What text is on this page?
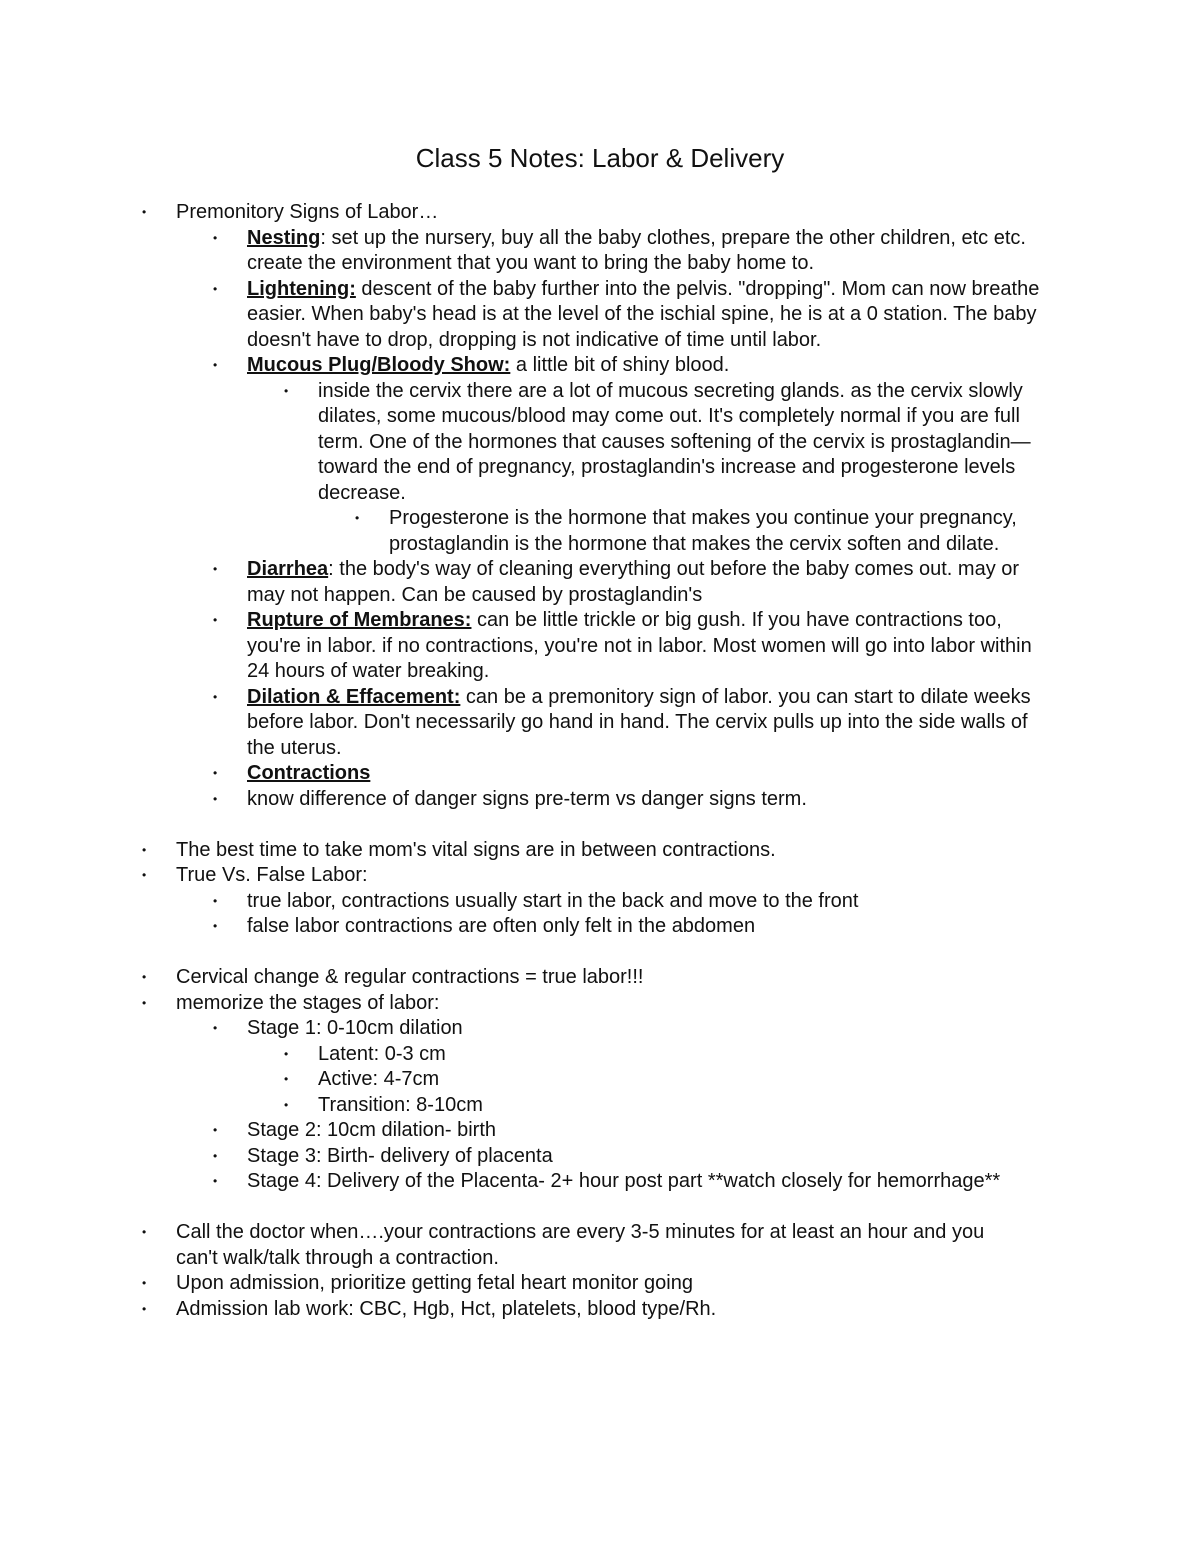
Class 5 Notes: Labor & Delivery
• Premonitory Signs of Labor…
• Nesting: set up the nursery, buy all the baby clothes, prepare the other children, etc etc. create the environment that you want to bring the baby home to.
• Lightening: descent of the baby further into the pelvis. "dropping". Mom can now breathe easier. When baby's head is at the level of the ischial spine, he is at a 0 station. The baby doesn't have to drop, dropping is not indicative of time until labor.
• Mucous Plug/Bloody Show: a little bit of shiny blood.
• inside the cervix there are a lot of mucous secreting glands. as the cervix slowly dilates, some mucous/blood may come out. It's completely normal if you are full term. One of the hormones that causes softening of the cervix is prostaglandin— toward the end of pregnancy, prostaglandin's increase and progesterone levels decrease.
• Progesterone is the hormone that makes you continue your pregnancy, prostaglandin is the hormone that makes the cervix soften and dilate.
• Diarrhea: the body's way of cleaning everything out before the baby comes out. may or may not happen. Can be caused by prostaglandin's
• Rupture of Membranes: can be little trickle or big gush. If you have contractions too, you're in labor. if no contractions, you're not in labor. Most women will go into labor within 24 hours of water breaking.
• Dilation & Effacement: can be a premonitory sign of labor. you can start to dilate weeks before labor. Don't necessarily go hand in hand. The cervix pulls up into the side walls of the uterus.
• Contractions
• know difference of danger signs pre-term vs danger signs term.
• The best time to take mom's vital signs are in between contractions.
• True Vs. False Labor:
• true labor, contractions usually start in the back and move to the front
• false labor contractions are often only felt in the abdomen
• Cervical change & regular contractions = true labor!!!
• memorize the stages of labor:
• Stage 1: 0-10cm dilation
• Latent: 0-3 cm
• Active: 4-7cm
• Transition: 8-10cm
• Stage 2: 10cm dilation- birth
• Stage 3: Birth- delivery of placenta
• Stage 4: Delivery of the Placenta- 2+ hour post part **watch closely for hemorrhage**
• Call the doctor when….your contractions are every 3-5 minutes for at least an hour and you can't walk/talk through a contraction.
• Upon admission, prioritize getting fetal heart monitor going
• Admission lab work: CBC, Hgb, Hct, platelets, blood type/Rh.
